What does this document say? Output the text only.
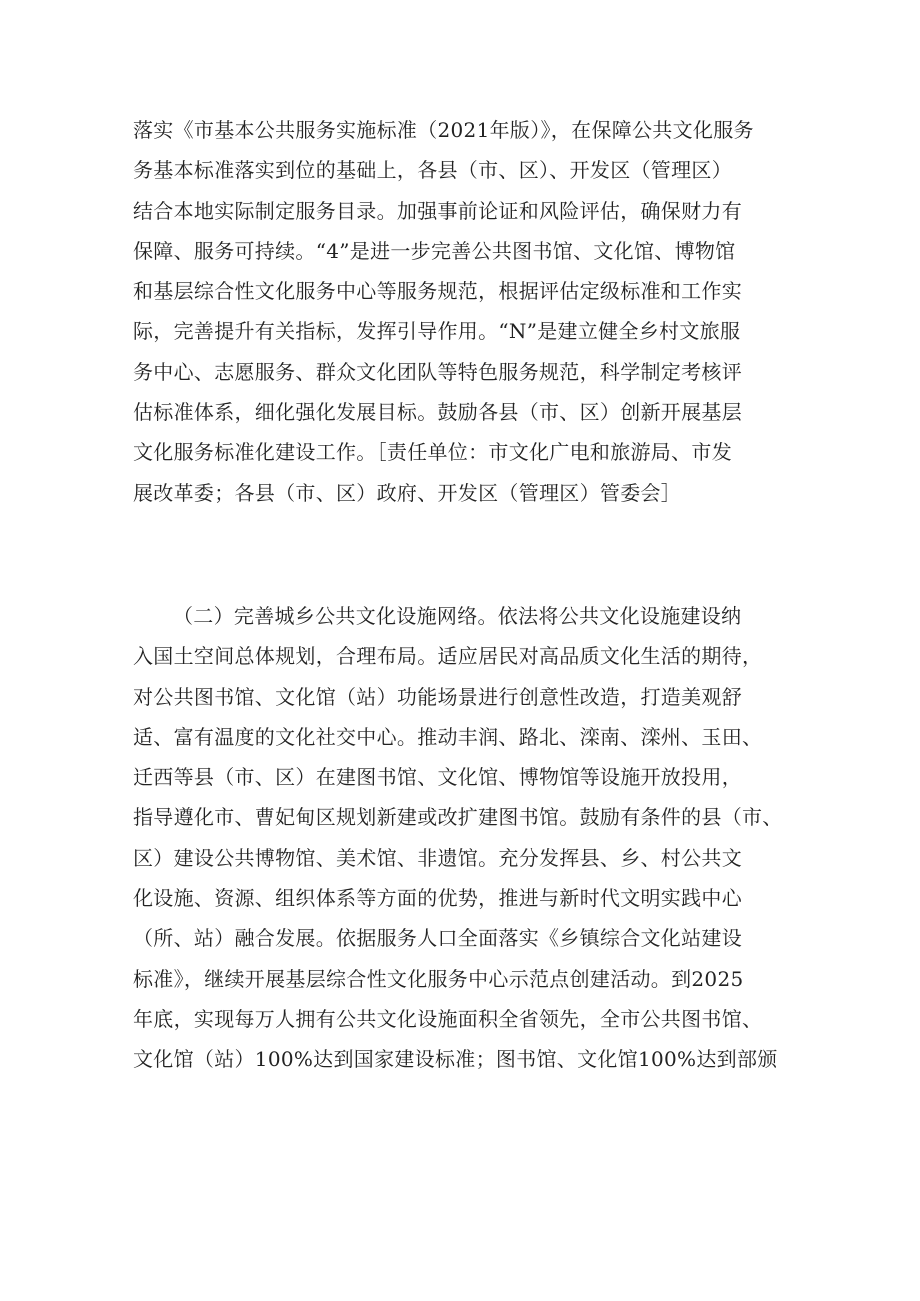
落实《市基本公共服务实施标准（2021年版）》，在保障公共文化服务
务基本标准落实到位的基础上，各县（市、区）、开发区（管理区）
结合本地实际制定服务目录。加强事前论证和风险评估，确保财力有
保障、服务可持续。“4”是进一步完善公共图书馆、文化馆、博物馆
和基层综合性文化服务中心等服务规范，根据评估定级标准和工作实
际，完善提升有关指标，发挥引导作用。“N”是建立健全乡村文旅服
务中心、志愿服务、群众文化团队等特色服务规范，科学制定考核评
估标准体系，细化强化发展目标。鼓励各县（市、区）创新开展基层
文化服务标准化建设工作。［责任单位：市文化广电和旅游局、市发
展改革委；各县（市、区）政府、开发区（管理区）管委会］
（二）完善城乡公共文化设施网络。依法将公共文化设施建设纳
入国土空间总体规划，合理布局。适应居民对高品质文化生活的期待，
对公共图书馆、文化馆（站）功能场景进行创意性改造，打造美观舒
适、富有温度的文化社交中心。推动丰润、路北、滦南、滦州、玉田、
迁西等县（市、区）在建图书馆、文化馆、博物馆等设施开放投用，
指导遵化市、曹妃甸区规划新建或改扩建图书馆。鼓励有条件的县（市、
区）建设公共博物馆、美术馆、非遗馆。充分发挥县、乡、村公共文
化设施、资源、组织体系等方面的优势，推进与新时代文明实践中心
（所、站）融合发展。依据服务人口全面落实《乡镇综合文化站建设
标准》，继续开展基层综合性文化服务中心示范点创建活动。到2025
年底，实现每万人拥有公共文化设施面积全省领先，全市公共图书馆、
文化馆（站）100%达到国家建设标准；图书馆、文化馆100%达到部颁
